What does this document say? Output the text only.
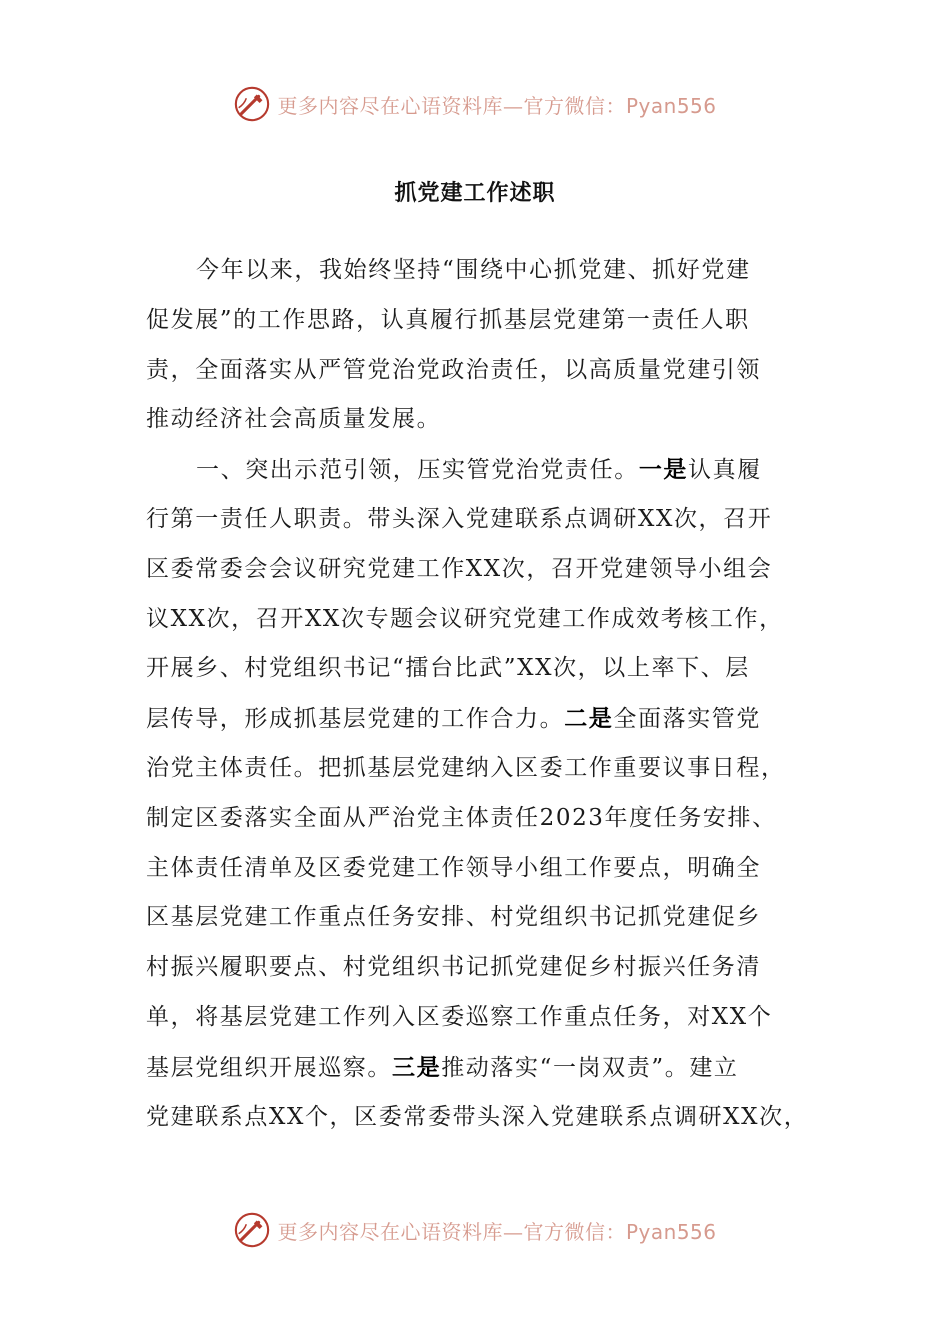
更多内容尽在心语资料库—官方微信：Pyan556
抓党建工作述职
今年以来，我始终坚持“围绕中心抓党建、抓好党建
促发展”的工作思路，认真履行抓基层党建第一责任人职
责，全面落实从严管党治党政治责任，以高质量党建引领
推动经济社会高质量发展。
一、突出示范引领，压实管党治党责任。一是认真履
行第一责任人职责。带头深入党建联系点调研XX次，召开
区委常委会会议研究党建工作XX次，召开党建领导小组会
议XX次，召开XX次专题会议研究党建工作成效考核工作，
开展乡、村党组织书记“擂台比武”XX次，以上率下、层
层传导，形成抓基层党建的工作合力。二是全面落实管党
治党主体责任。把抓基层党建纳入区委工作重要议事日程，
制定区委落实全面从严治党主体责任2023年度任务安排、
主体责任清单及区委党建工作领导小组工作要点，明确全
区基层党建工作重点任务安排、村党组织书记抓党建促乡
村振兴履职要点、村党组织书记抓党建促乡村振兴任务清
单，将基层党建工作列入区委巡察工作重点任务，对XX个
基层党组织开展巡察。三是推动落实“一岗双责”。建立
党建联系点XX个，区委常委带头深入党建联系点调研XX次，
更多内容尽在心语资料库—官方微信：Pyan556
